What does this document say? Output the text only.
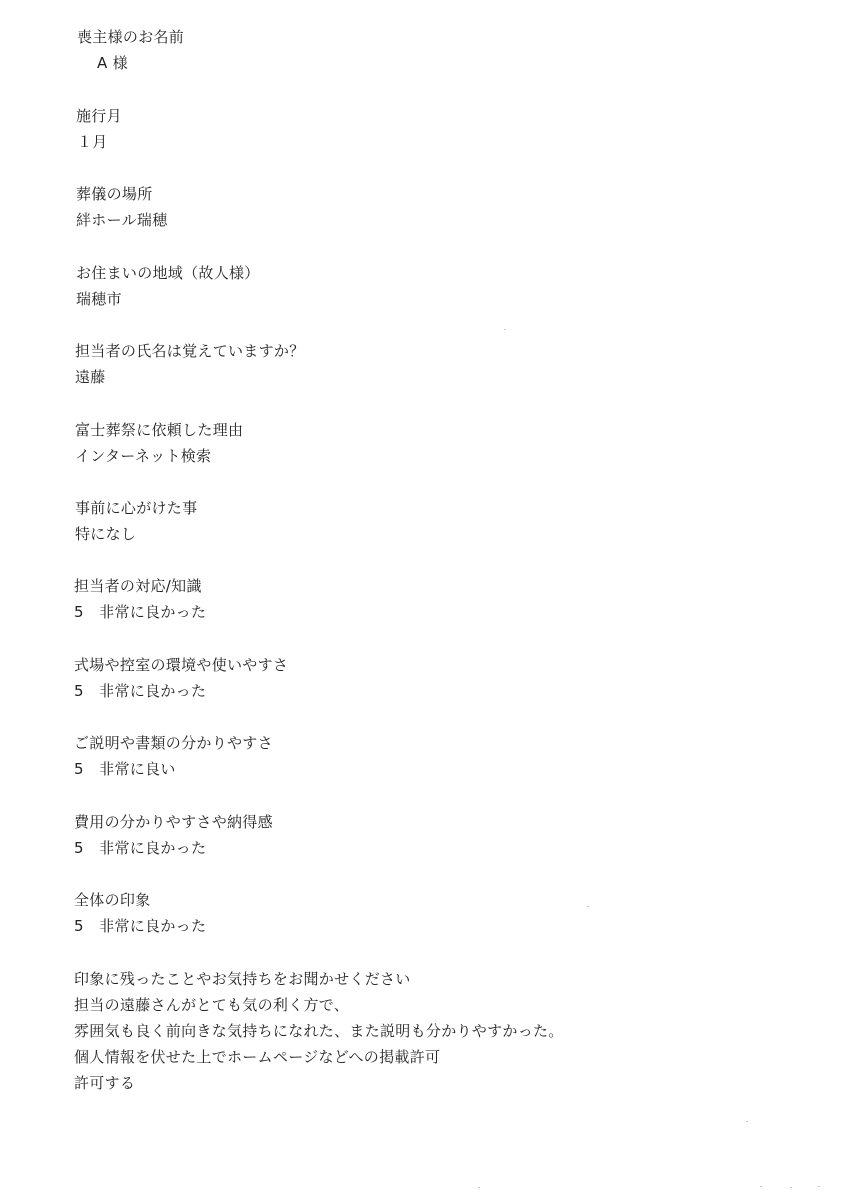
喪主様のお名前
A 様
施行月
１月
葬儀の場所
絆ホール瑞穂
お住まいの地域（故人様）
瑞穂市
担当者の氏名は覚えていますか？
遠藤
富士葬祭に依頼した理由
インターネット検索
事前に心がけた事
特になし
担当者の対応/知識
5　非常に良かった
式場や控室の環境や使いやすさ
5　非常に良かった
ご説明や書類の分かりやすさ
5　非常に良い
費用の分かりやすさや納得感
5　非常に良かった
全体の印象
5　非常に良かった
印象に残ったことやお気持ちをお聞かせください
担当の遠藤さんがとても気の利く方で、
雰囲気も良く前向きな気持ちになれた、また説明も分かりやすかった。
個人情報を伏せた上でホームページなどへの掲載許可
許可する
